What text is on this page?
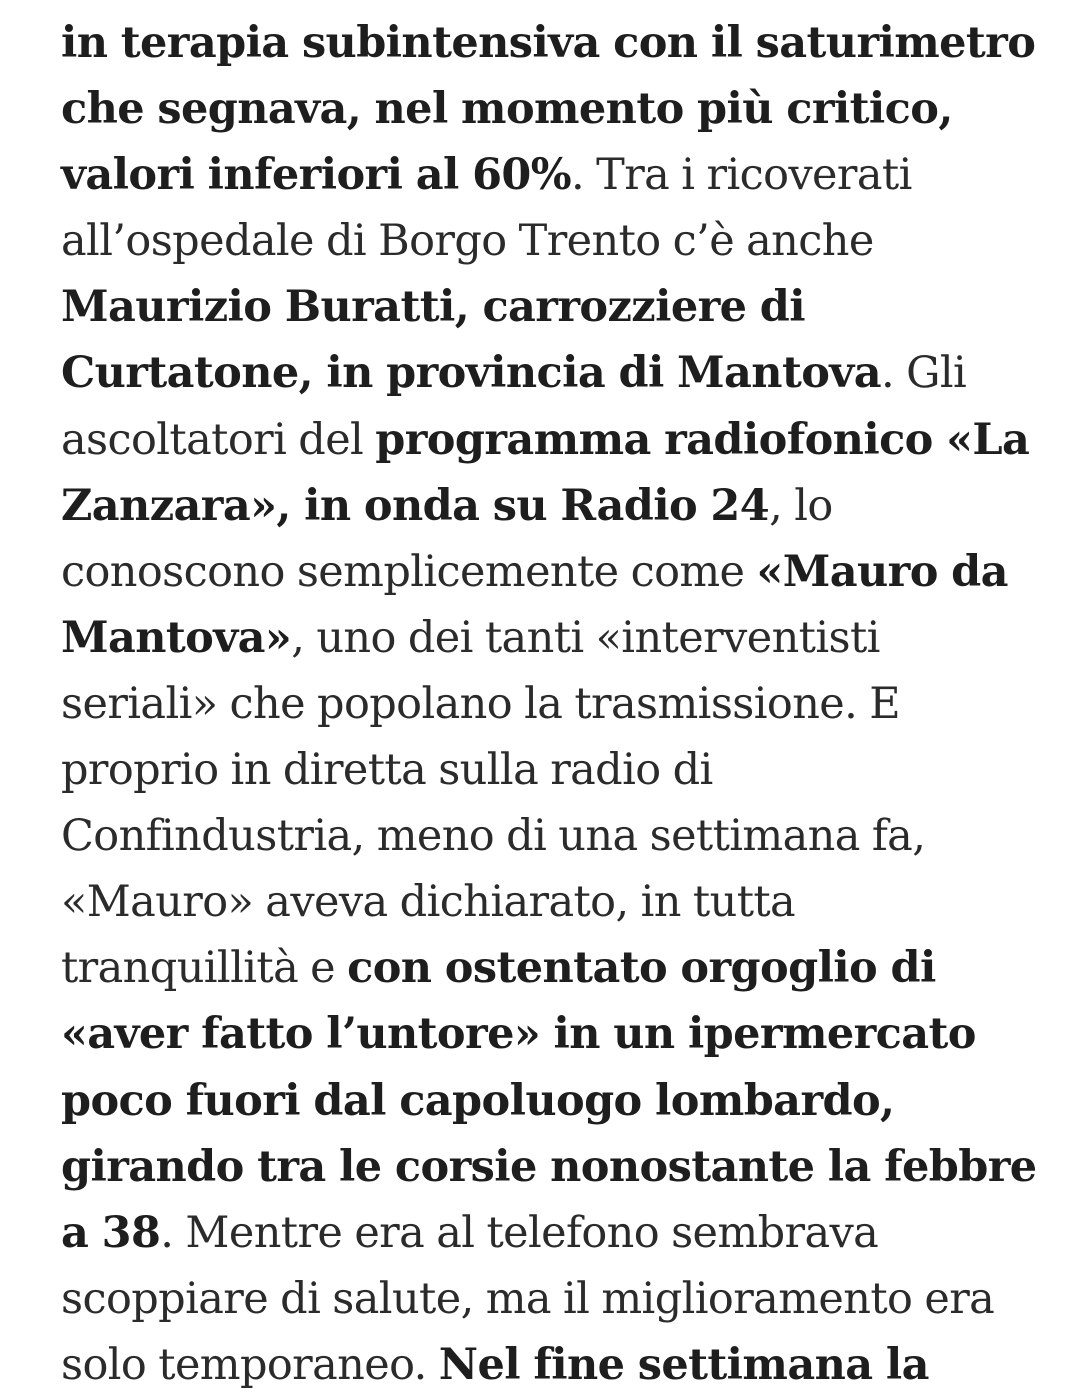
in terapia subintensiva con il saturimetro
che segnava, nel momento più critico,
valori inferiori al 60%. Tra i ricoverati
all’ospedale di Borgo Trento c’è anche
Maurizio Buratti, carrozziere di
Curtatone, in provincia di Mantova. Gli
ascoltatori del programma radiofonico «La
Zanzara», in onda su Radio 24, lo
conoscono semplicemente come «Mauro da
Mantova», uno dei tanti «interventisti
seriali» che popolano la trasmissione. E
proprio in diretta sulla radio di
Confindustria, meno di una settimana fa,
«Mauro» aveva dichiarato, in tutta
tranquillità e con ostentato orgoglio di
«aver fatto l’untore» in un ipermercato
poco fuori dal capoluogo lombardo,
girando tra le corsie nonostante la febbre
a 38. Mentre era al telefono sembrava
scoppiare di salute, ma il miglioramento era
solo temporaneo. Nel fine settimana la
